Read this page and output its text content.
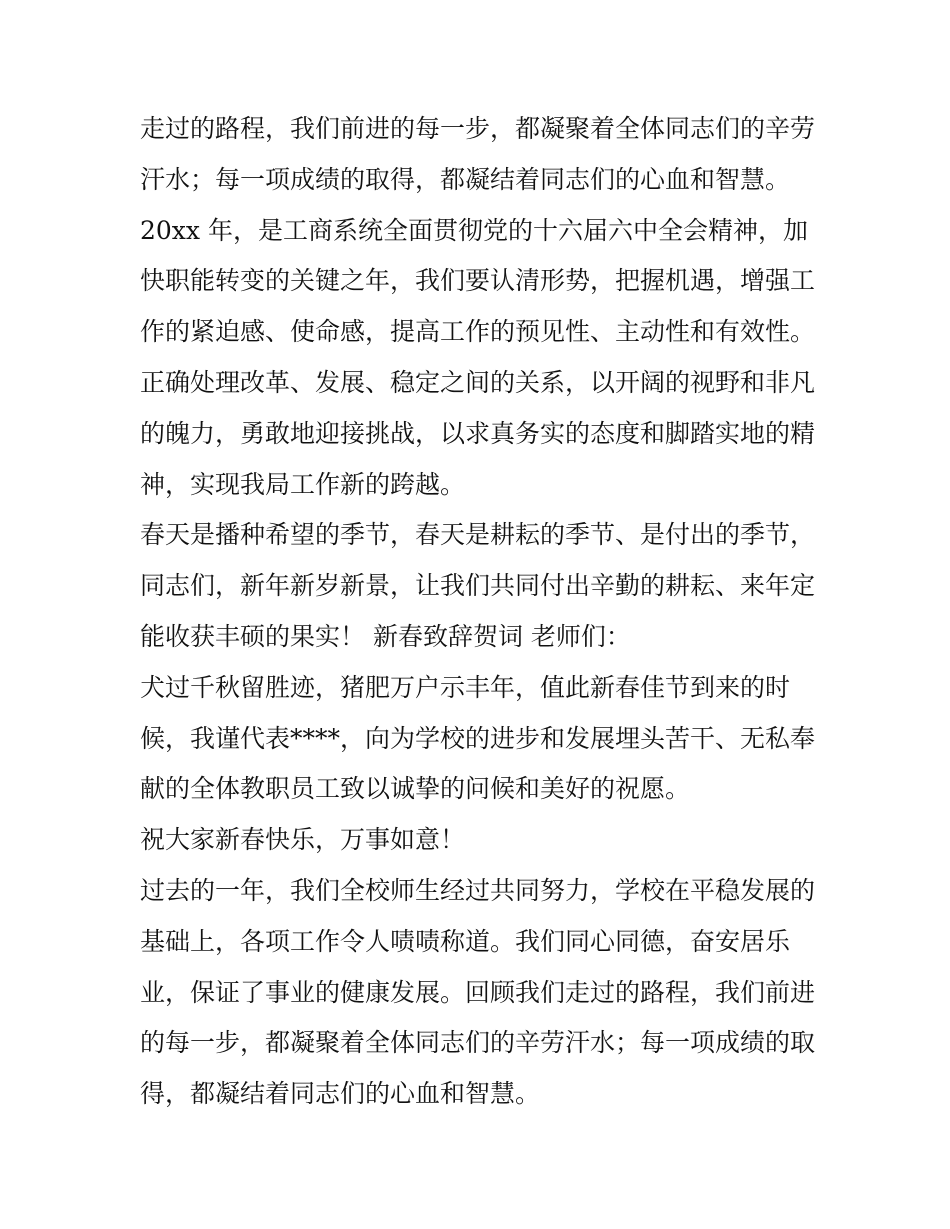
走过的路程，我们前进的每一步，都凝聚着全体同志们的辛劳
汗水；每一项成绩的取得，都凝结着同志们的心血和智慧。
20xx 年，是工商系统全面贯彻党的十六届六中全会精神，加
快职能转变的关键之年，我们要认清形势，把握机遇，增强工
作的紧迫感、使命感，提高工作的预见性、主动性和有效性。
正确处理改革、发展、稳定之间的关系，以开阔的视野和非凡
的魄力，勇敢地迎接挑战，以求真务实的态度和脚踏实地的精
神，实现我局工作新的跨越。
春天是播种希望的季节，春天是耕耘的季节、是付出的季节，
同志们，新年新岁新景，让我们共同付出辛勤的耕耘、来年定
能收获丰硕的果实！ 新春致辞贺词 老师们：
犬过千秋留胜迹，猪肥万户示丰年，值此新春佳节到来的时
候，我谨代表****，向为学校的进步和发展埋头苦干、无私奉
献的全体教职员工致以诚挚的问候和美好的祝愿。
祝大家新春快乐，万事如意！
过去的一年，我们全校师生经过共同努力，学校在平稳发展的
基础上，各项工作令人啧啧称道。我们同心同德，奋安居乐
业，保证了事业的健康发展。回顾我们走过的路程，我们前进
的每一步，都凝聚着全体同志们的辛劳汗水；每一项成绩的取
得，都凝结着同志们的心血和智慧。
